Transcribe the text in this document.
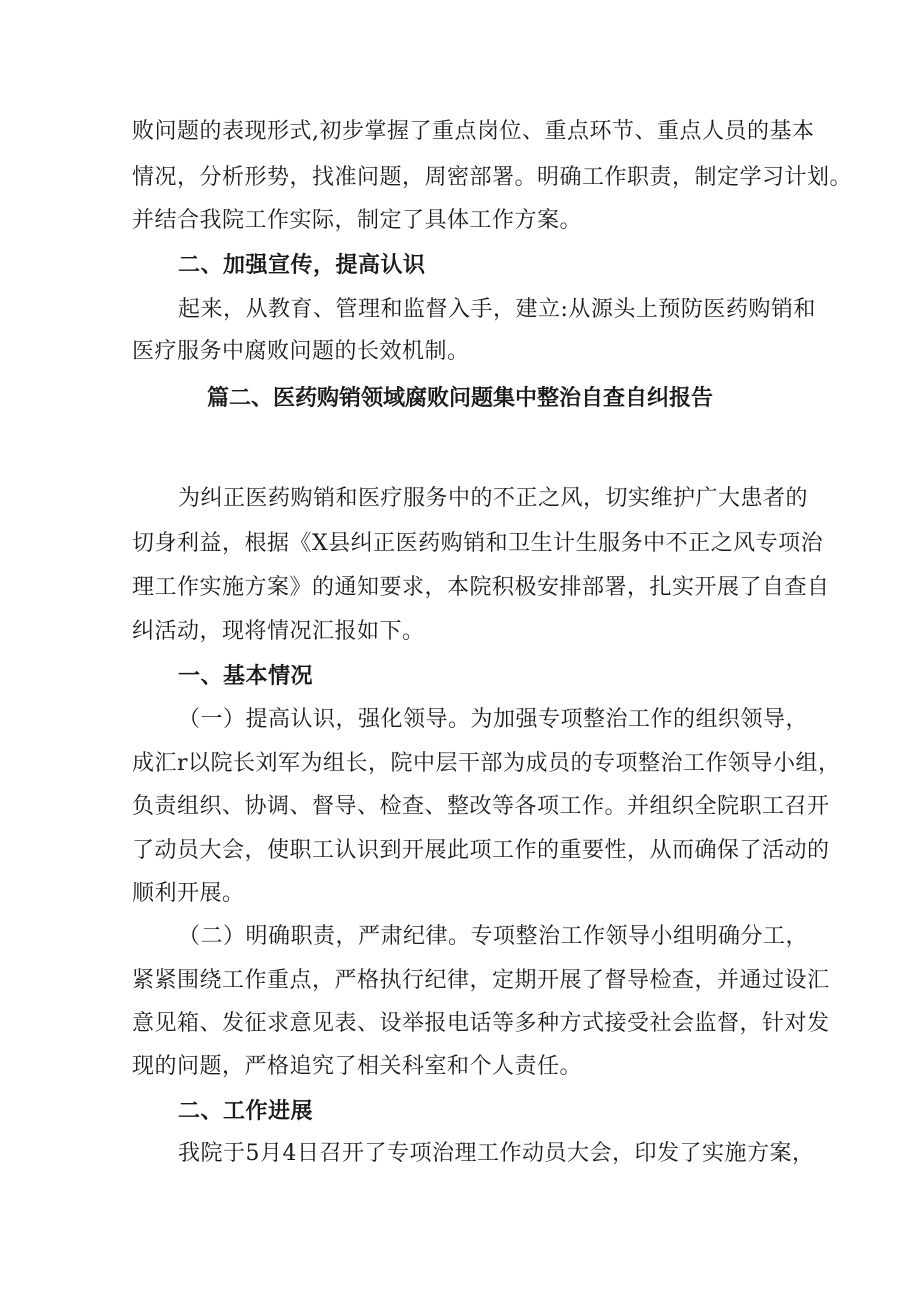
败问题的表现形式,初步掌握了重点岗位、重点环节、重点人员的基本
情况，分析形势，找准问题，周密部署。明确工作职责，制定学习计划。
并结合我院工作实际，制定了具体工作方案。
二、加强宣传，提高认识
起来，从教育、管理和监督入手，建立:从源头上预防医药购销和
医疗服务中腐败问题的长效机制。
篇二、医药购销领域腐败问题集中整治自查自纠报告
为纠正医药购销和医疗服务中的不正之风，切实维护广大患者的
切身利益，根据《X县纠正医药购销和卫生计生服务中不正之风专项治
理工作实施方案》的通知要求，本院积极安排部署，扎实开展了自查自
纠活动，现将情况汇报如下。
一、基本情况
（一）提高认识，强化领导。为加强专项整治工作的组织领导，
成汇r以院长刘军为组长，院中层干部为成员的专项整治工作领导小组，
负责组织、协调、督导、检查、整改等各项工作。并组织全院职工召开
了动员大会，使职工认识到开展此项工作的重要性，从而确保了活动的
顺利开展。
（二）明确职责，严肃纪律。专项整治工作领导小组明确分工，
紧紧围绕工作重点，严格执行纪律，定期开展了督导检查，并通过设汇
意见箱、发征求意见表、设举报电话等多种方式接受社会监督，针对发
现的问题，严格追究了相关科室和个人责任。
二、工作进展
我院于5月4日召开了专项治理工作动员大会，印发了实施方案，
